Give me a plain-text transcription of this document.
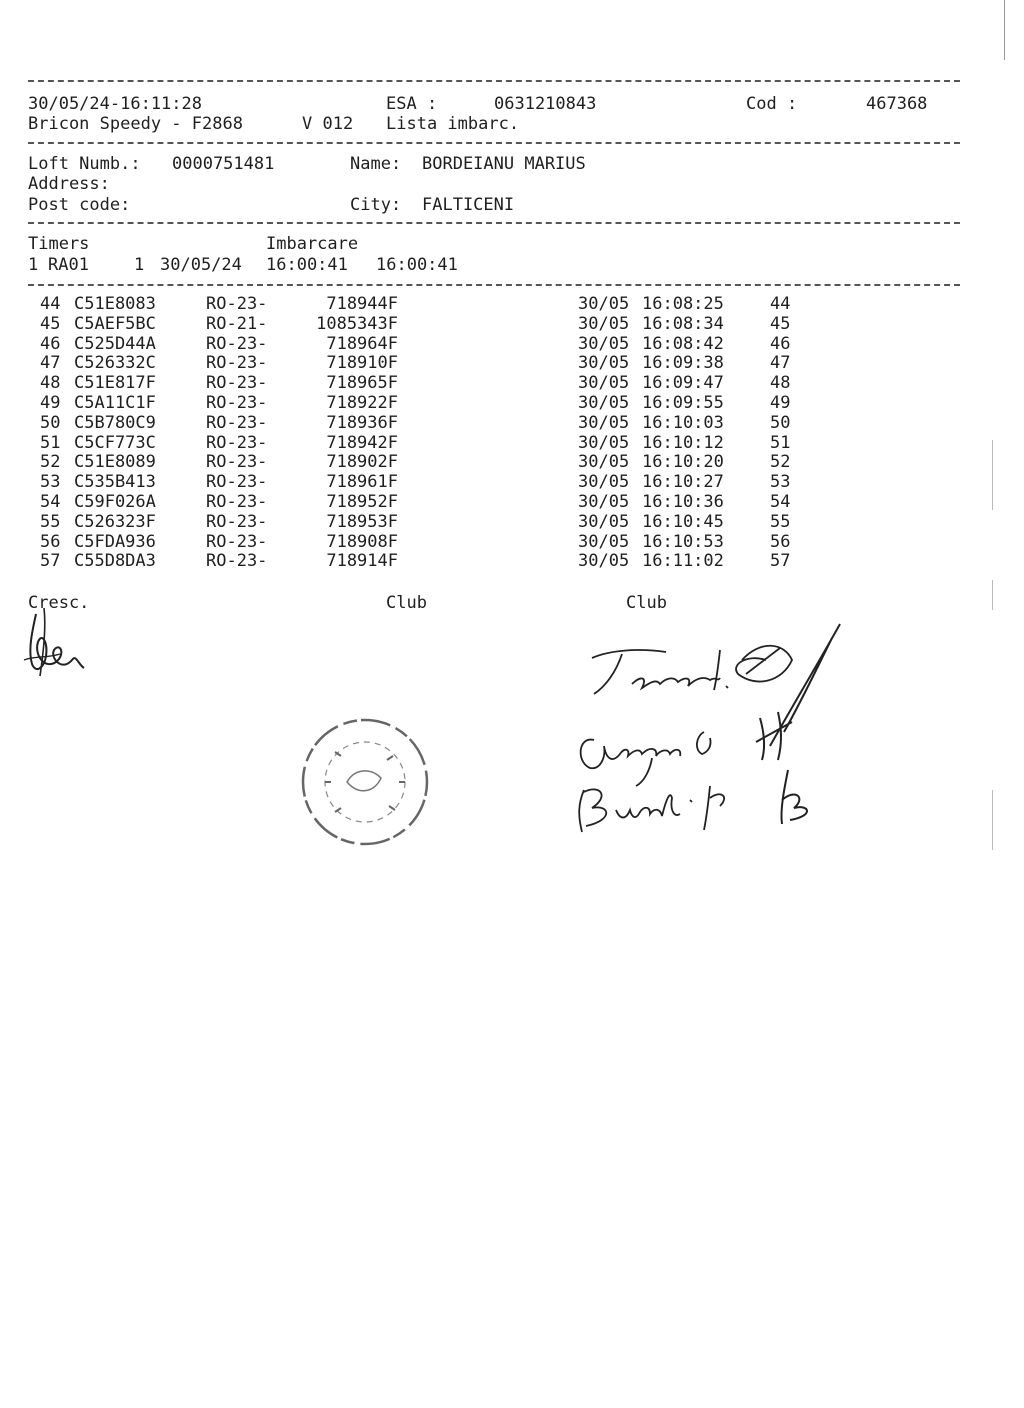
30/05/24-16:11:28	ESA :	0631210843	Cod :	467368
Bricon Speedy - F2868	V 012 Lista imbarc.
Loft Numb.: 0000751481	Name: BORDEIANU MARIUS
Address:
Post code:	City: FALTICENI
Timers	Imbarcare
1 RA01	1 30/05/24 16:00:41 16:00:41
44 C51E8083	RO-23-	718944F	30/05 16:08:25	44
45 C5AEF5BC	RO-21-	1085343F	30/05 16:08:34	45
46 C525D44A	RO-23-	718964F	30/05 16:08:42	46
47 C526332C	RO-23-	718910F	30/05 16:09:38	47
48 C51E817F	RO-23-	718965F	30/05 16:09:47	48
49 C5A11C1F	RO-23-	718922F	30/05 16:09:55	49
50 C5B780C9	RO-23-	718936F	30/05 16:10:03	50
51 C5CF773C	RO-23-	718942F	30/05 16:10:12	51
52 C51E8089	RO-23-	718902F	30/05 16:10:20	52
53 C535B413	RO-23-	718961F	30/05 16:10:27	53
54 C59F026A	RO-23-	718952F	30/05 16:10:36	54
55 C526323F	RO-23-	718953F	30/05 16:10:45	55
56 C5FDA936	RO-23-	718908F	30/05 16:10:53	56
57 C55D8DA3	RO-23-	718914F	30/05 16:11:02	57
Cresc.	Club	Club
